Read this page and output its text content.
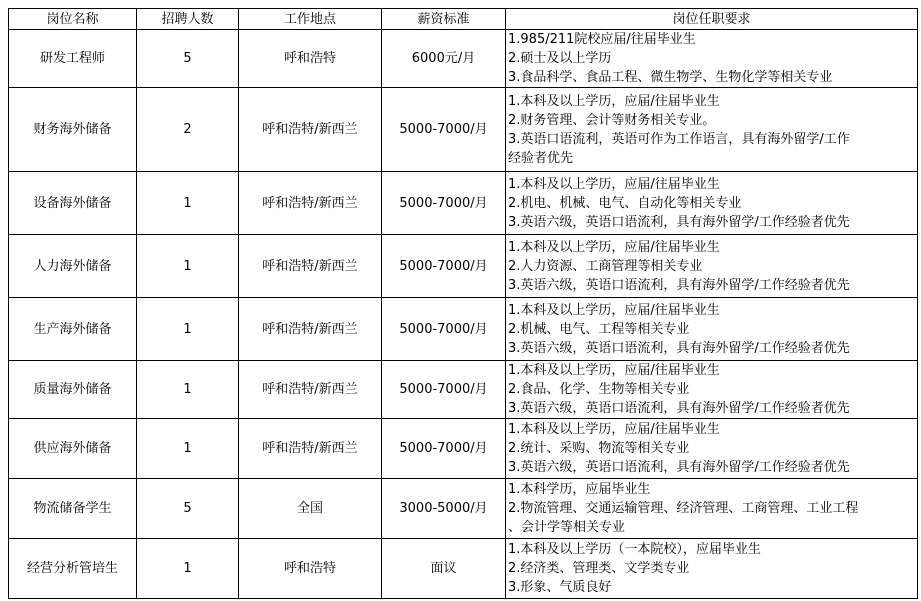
岗位名称	招聘人数	工作地点	薪资标准	岗位任职要求
研发工程师	5	呼和浩特	6000元/月	1.985/211院校应届/往届毕业生
2.硕士及以上学历
3.食品科学、食品工程、微生物学、生物化学等相关专业

财务海外储备	2	呼和浩特/新西兰	5000-7000/月	1.本科及以上学历，应届/往届毕业生
2.财务管理、会计等财务相关专业。
3.英语口语流利，英语可作为工作语言，具有海外留学/工作
经验者优先

设备海外储备	1	呼和浩特/新西兰	5000-7000/月	1.本科及以上学历，应届/往届毕业生
2.机电、机械、电气、自动化等相关专业
3.英语六级，英语口语流利，具有海外留学/工作经验者优先

人力海外储备	1	呼和浩特/新西兰	5000-7000/月	1.本科及以上学历，应届/往届毕业生
2.人力资源、工商管理等相关专业
3.英语六级，英语口语流利，具有海外留学/工作经验者优先

生产海外储备	1	呼和浩特/新西兰	5000-7000/月	1.本科及以上学历，应届/往届毕业生
2.机械、电气、工程等相关专业
3.英语六级，英语口语流利，具有海外留学/工作经验者优先

质量海外储备	1	呼和浩特/新西兰	5000-7000/月	1.本科及以上学历，应届/往届毕业生
2.食品、化学、生物等相关专业
3.英语六级，英语口语流利，具有海外留学/工作经验者优先

供应海外储备	1	呼和浩特/新西兰	5000-7000/月	1.本科及以上学历，应届/往届毕业生
2.统计、采购、物流等相关专业
3.英语六级，英语口语流利，具有海外留学/工作经验者优先

物流储备学生	5	全国	3000-5000/月	1.本科学历，应届毕业生
2.物流管理、交通运输管理、经济管理、工商管理、工业工程
、会计学等相关专业

经营分析管培生	1	呼和浩特	面议	1.本科及以上学历（一本院校），应届毕业生
2.经济类、管理类、文学类专业
3.形象、气质良好
